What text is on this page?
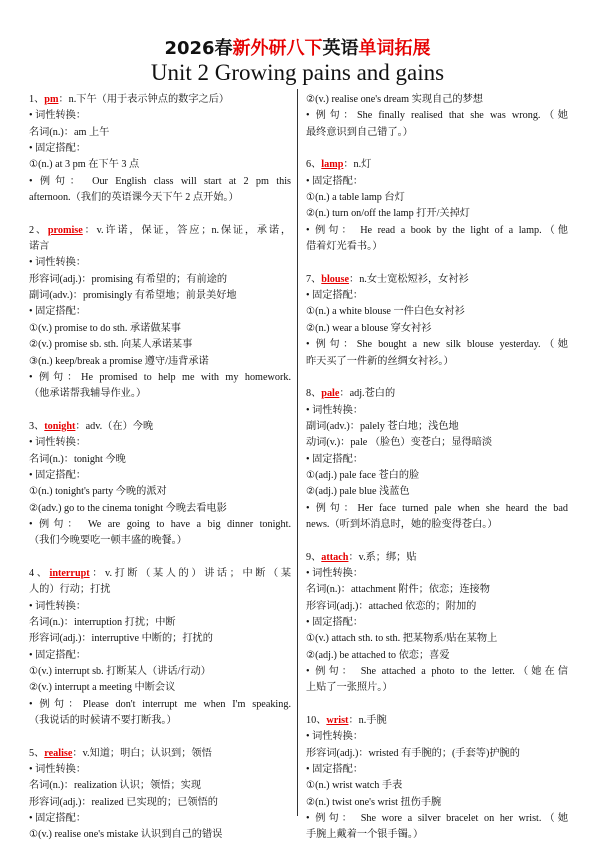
2026春新外研八下英语单词拓展
Unit 2 Growing pains and gains
1、pm：n.下午（用于表示钟点的数字之后）
• 词性转换：
名词(n.)：am 上午
• 固定搭配：
①(n.) at 3 pm 在下午 3 点
• 例句： Our English class will start at 2 pm this
afternoon.（我们的英语课今天下午 2 点开始。）
2、promise：v.许诺，保证，答应；n.保证，承诺，
诺言
• 词性转换：
形容词(adj.)：promising 有希望的；有前途的
副词(adv.)：promisingly 有希望地；前景美好地
• 固定搭配：
①(v.) promise to do sth. 承诺做某事
②(v.) promise sb. sth. 向某人承诺某事
③(n.) keep/break a promise 遵守/违背承诺
• 例句：He promised to help me with my homework.
（他承诺帮我辅导作业。）
3、tonight：adv.（在）今晚
• 词性转换：
名词(n.)：tonight 今晚
• 固定搭配：
①(n.) tonight's party 今晚的派对
②(adv.) go to the cinema tonight 今晚去看电影
• 例句： We are going to have a big dinner tonight.
（我们今晚要吃一顿丰盛的晚餐。）
4、interrupt：v.打断（某人的）讲话；中断（某
人的）行动；打扰
• 词性转换：
名词(n.)：interruption 打扰；中断
形容词(adj.)：interruptive 中断的；打扰的
• 固定搭配：
①(v.) interrupt sb. 打断某人（讲话/行动）
②(v.) interrupt a meeting 中断会议
• 例句：Please don't interrupt me when I'm speaking.
（我说话的时候请不要打断我。）
5、realise：v.知道；明白；认识到；领悟
• 词性转换：
名词(n.)：realization 认识；领悟；实现
形容词(adj.)：realized 已实现的；已领悟的
• 固定搭配：
①(v.) realise one's mistake 认识到自己的错误
②(v.) realise one's dream 实现自己的梦想
• 例句：She finally realised that she was wrong.（她
最终意识到自己错了。）
6、lamp：n.灯
• 固定搭配：
①(n.) a table lamp 台灯
②(n.) turn on/off the lamp 打开/关掉灯
• 例句： He read a book by the light of a lamp.（他
借着灯光看书。）
7、blouse：n.女士宽松短衫，女衬衫
• 固定搭配：
①(n.) a white blouse 一件白色女衬衫
②(n.) wear a blouse 穿女衬衫
• 例句：She bought a new silk blouse yesterday.（她
昨天买了一件新的丝绸女衬衫。）
8、pale：adj.苍白的
• 词性转换：
副词(adv.)：palely 苍白地；浅色地
动词(v.)：pale （脸色）变苍白；显得暗淡
• 固定搭配：
①(adj.) pale face 苍白的脸
②(adj.) pale blue 浅蓝色
• 例句：Her face turned pale when she heard the bad
news.（听到坏消息时，她的脸变得苍白。）
9、attach：v.系；绑；贴
• 词性转换：
名词(n.)：attachment 附件；依恋；连接物
形容词(adj.)：attached 依恋的；附加的
• 固定搭配：
①(v.) attach sth. to sth. 把某物系/贴在某物上
②(adj.) be attached to 依恋；喜爱
• 例句： She attached a photo to the letter.（她在信
上贴了一张照片。）
10、wrist：n.手腕
• 词性转换：
形容词(adj.)：wristed 有手腕的；(手套等)护腕的
• 固定搭配：
①(n.) wrist watch 手表
②(n.) twist one's wrist 扭伤手腕
• 例句： She wore a silver bracelet on her wrist.（她
手腕上戴着一个银手镯。）
